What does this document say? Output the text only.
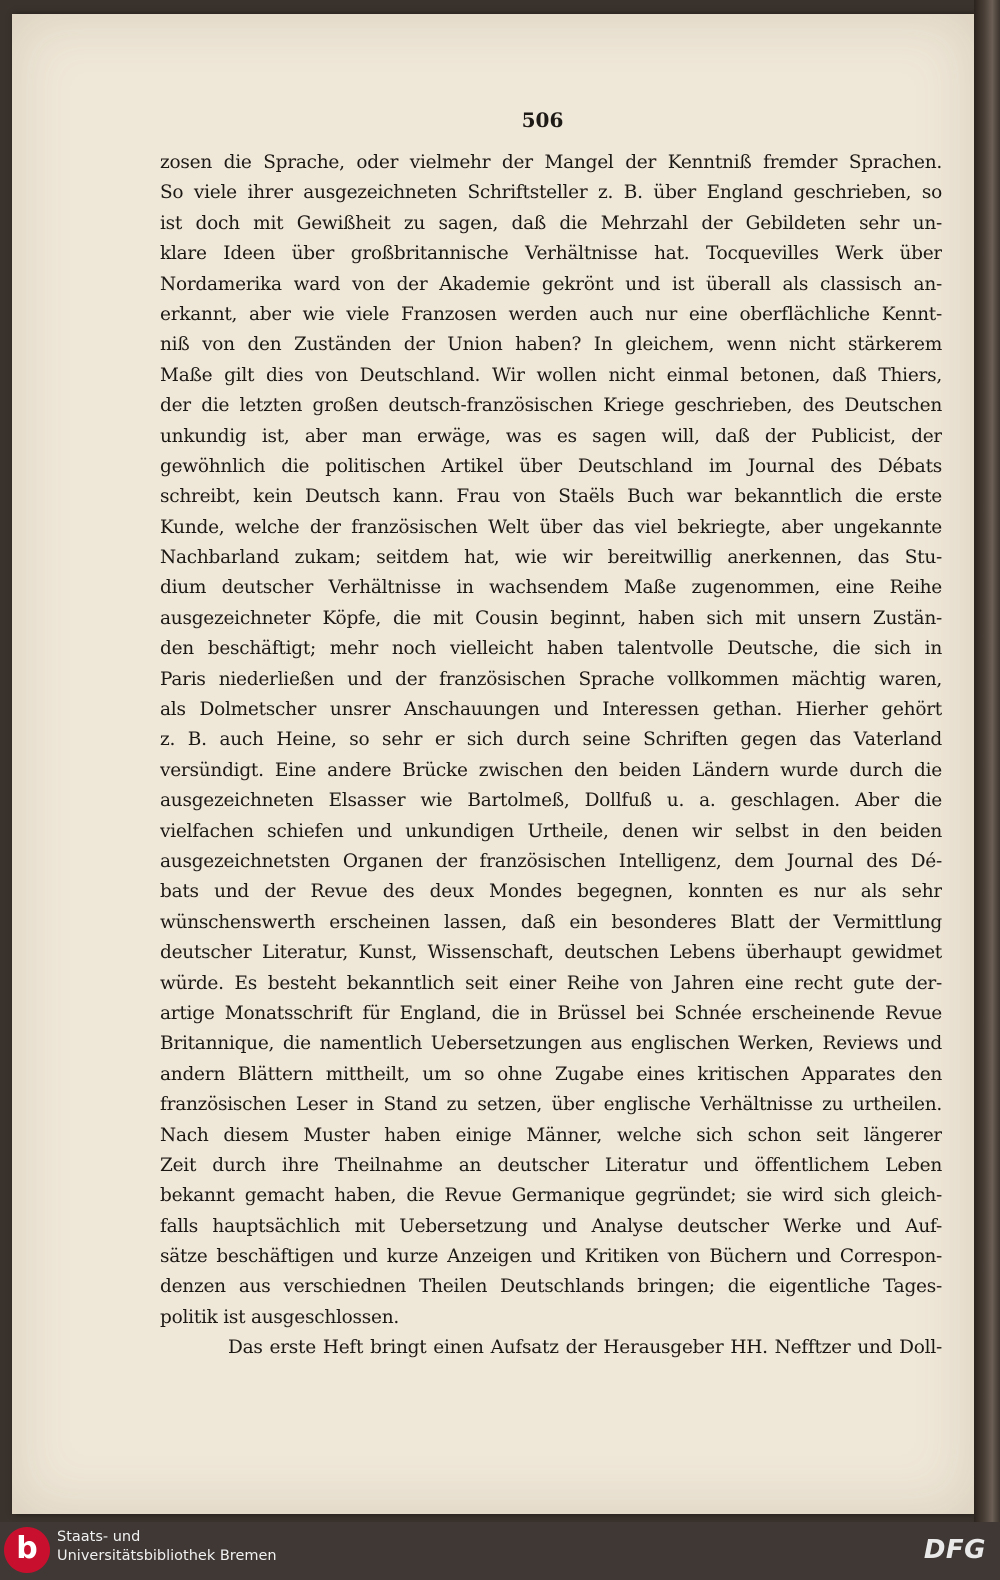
506
zosen die Sprache, oder vielmehr der Mangel der Kenntniß fremder Sprachen.
So viele ihrer ausgezeichneten Schriftsteller z. B. über England geschrieben, so
ist doch mit Gewißheit zu sagen, daß die Mehrzahl der Gebildeten sehr un-
klare Ideen über großbritannische Verhältnisse hat. Tocquevilles Werk über
Nordamerika ward von der Akademie gekrönt und ist überall als classisch an-
erkannt, aber wie viele Franzosen werden auch nur eine oberflächliche Kennt-
niß von den Zuständen der Union haben? In gleichem, wenn nicht stärkerem
Maße gilt dies von Deutschland. Wir wollen nicht einmal betonen, daß Thiers,
der die letzten großen deutsch-französischen Kriege geschrieben, des Deutschen
unkundig ist, aber man erwäge, was es sagen will, daß der Publicist, der
gewöhnlich die politischen Artikel über Deutschland im Journal des Débats
schreibt, kein Deutsch kann. Frau von Staëls Buch war bekanntlich die erste
Kunde, welche der französischen Welt über das viel bekriegte, aber ungekannte
Nachbarland zukam; seitdem hat, wie wir bereitwillig anerkennen, das Stu-
dium deutscher Verhältnisse in wachsendem Maße zugenommen, eine Reihe
ausgezeichneter Köpfe, die mit Cousin beginnt, haben sich mit unsern Zustän-
den beschäftigt; mehr noch vielleicht haben talentvolle Deutsche, die sich in
Paris niederließen und der französischen Sprache vollkommen mächtig waren,
als Dolmetscher unsrer Anschauungen und Interessen gethan. Hierher gehört
z. B. auch Heine, so sehr er sich durch seine Schriften gegen das Vaterland
versündigt. Eine andere Brücke zwischen den beiden Ländern wurde durch die
ausgezeichneten Elsasser wie Bartolmeß, Dollfuß u. a. geschlagen. Aber die
vielfachen schiefen und unkundigen Urtheile, denen wir selbst in den beiden
ausgezeichnetsten Organen der französischen Intelligenz, dem Journal des Dé-
bats und der Revue des deux Mondes begegnen, konnten es nur als sehr
wünschenswerth erscheinen lassen, daß ein besonderes Blatt der Vermittlung
deutscher Literatur, Kunst, Wissenschaft, deutschen Lebens überhaupt gewidmet
würde. Es besteht bekanntlich seit einer Reihe von Jahren eine recht gute der-
artige Monatsschrift für England, die in Brüssel bei Schnée erscheinende Revue
Britannique, die namentlich Uebersetzungen aus englischen Werken, Reviews und
andern Blättern mittheilt, um so ohne Zugabe eines kritischen Apparates den
französischen Leser in Stand zu setzen, über englische Verhältnisse zu urtheilen.
Nach diesem Muster haben einige Männer, welche sich schon seit längerer
Zeit durch ihre Theilnahme an deutscher Literatur und öffentlichem Leben
bekannt gemacht haben, die Revue Germanique gegründet; sie wird sich gleich-
falls hauptsächlich mit Uebersetzung und Analyse deutscher Werke und Auf-
sätze beschäftigen und kurze Anzeigen und Kritiken von Büchern und Correspon-
denzen aus verschiednen Theilen Deutschlands bringen; die eigentliche Tages-
politik ist ausgeschlossen.
Das erste Heft bringt einen Aufsatz der Herausgeber HH. Nefftzer und Doll-
b	Staats- und
Universitätsbibliothek Bremen	DFG
